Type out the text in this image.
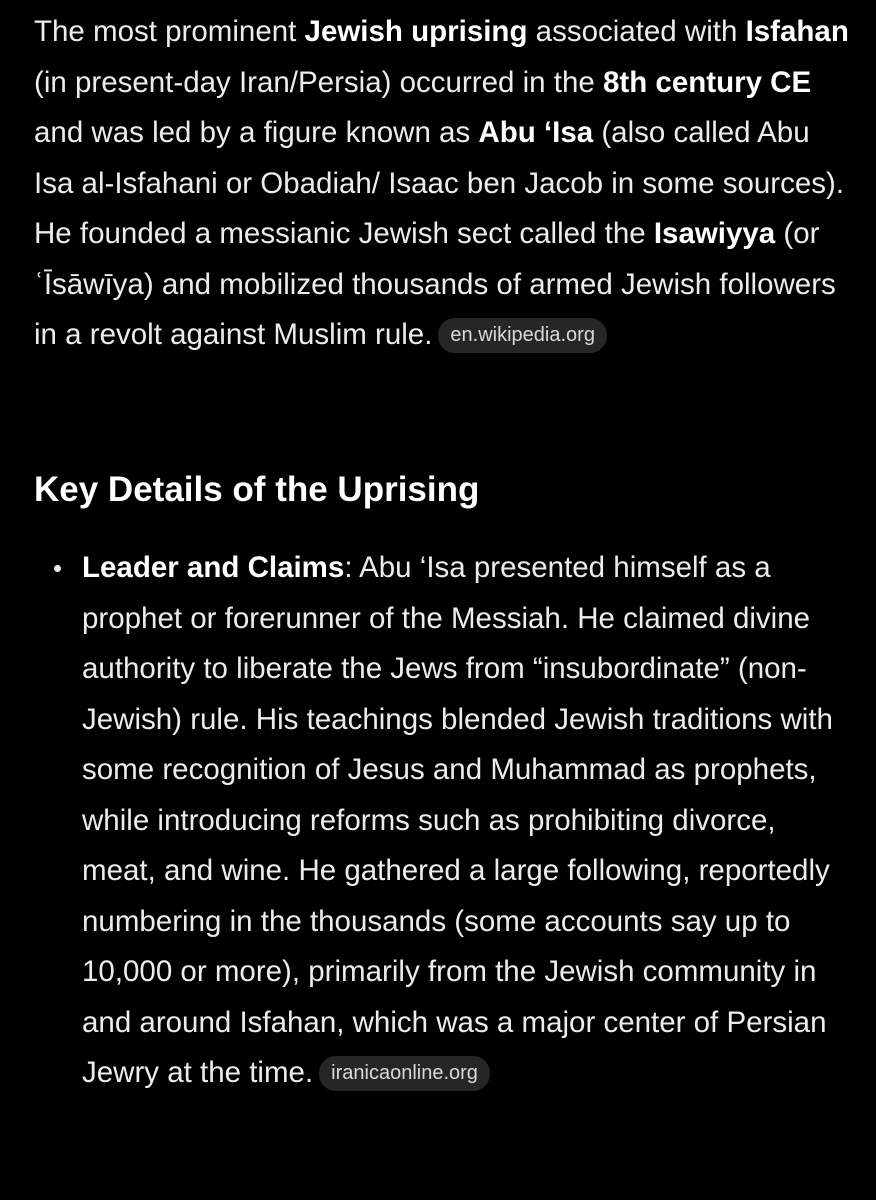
The most prominent Jewish uprising associated with Isfahan (in present-day Iran/Persia) occurred in the 8th century CE and was led by a figure known as Abu ‘Isa (also called Abu Isa al-Isfahani or Obadiah/ Isaac ben Jacob in some sources). He founded a messianic Jewish sect called the Isawiyya (or ʿĪsāwīya) and mobilized thousands of armed Jewish followers in a revolt against Muslim rule. en.wikipedia.org

Key Details of the Uprising
Leader and Claims: Abu ‘Isa presented himself as a prophet or forerunner of the Messiah. He claimed divine authority to liberate the Jews from “insubordinate” (non-Jewish) rule. His teachings blended Jewish traditions with some recognition of Jesus and Muhammad as prophets, while introducing reforms such as prohibiting divorce, meat, and wine. He gathered a large following, reportedly numbering in the thousands (some accounts say up to 10,000 or more), primarily from the Jewish community in and around Isfahan, which was a major center of Persian Jewry at the time. iranicaonline.org
